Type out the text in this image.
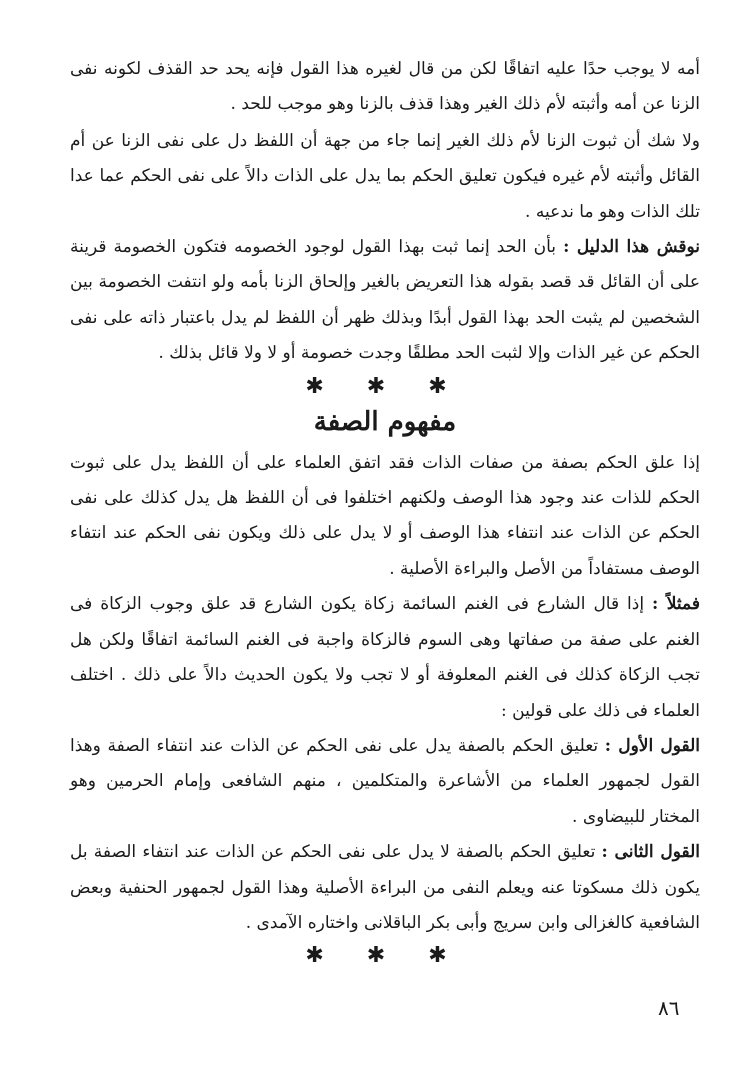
أمه لا يوجب حدًا عليه اتفاقًا لكن من قال لغيره هذا القول فإنه يحد حد القذف لكونه نفى الزنا عن أمه وأثبته لأم ذلك الغير وهذا قذف بالزنا وهو موجب للحد .

ولا شك أن ثبوت الزنا لأم ذلك الغير إنما جاء من جهة أن اللفظ دل على نفى الزنا عن أم القائل وأثبته لأم غيره فيكون تعليق الحكم بما يدل على الذات دالاً على نفى الحكم عما عدا تلك الذات وهو ما ندعيه .

نوقش هذا الدليل : بأن الحد إنما ثبت بهذا القول لوجود الخصومه فتكون الخصومة قرينة على أن القائل قد قصد بقوله هذا التعريض بالغير وإلحاق الزنا بأمه ولو انتفت الخصومة بين الشخصين لم يثبت الحد بهذا القول أبدًا وبذلك ظهر أن اللفظ لم يدل باعتبار ذاته على نفى الحكم عن غير الذات وإلا لثبت الحد مطلقًا وجدت خصومة أو لا ولا قائل بذلك .

✱ ✱ ✱
مفهوم الصفة

إذا علق الحكم بصفة من صفات الذات فقد اتفق العلماء على أن اللفظ يدل على ثبوت الحكم للذات عند وجود هذا الوصف ولكنهم اختلفوا فى أن اللفظ هل يدل كذلك على نفى الحكم عن الذات عند انتفاء هذا الوصف أو لا يدل على ذلك ويكون نفى الحكم عند انتفاء الوصف مستفاداً من الأصل والبراءة الأصلية .

فمثلاً : إذا قال الشارع فى الغنم السائمة زكاة يكون الشارع قد علق وجوب الزكاة فى الغنم على صفة من صفاتها وهى السوم فالزكاة واجبة فى الغنم السائمة اتفاقًا ولكن هل تجب الزكاة كذلك فى الغنم المعلوفة أو لا تجب ولا يكون الحديث دالاً على ذلك . اختلف العلماء فى ذلك على قولين :

القول الأول : تعليق الحكم بالصفة يدل على نفى الحكم عن الذات عند انتفاء الصفة وهذا القول لجمهور العلماء من الأشاعرة والمتكلمين ، منهم الشافعى وإمام الحرمين وهو المختار للبيضاوى .

القول الثانى : تعليق الحكم بالصفة لا يدل على نفى الحكم عن الذات عند انتفاء الصفة بل يكون ذلك مسكوتا عنه ويعلم النفى من البراءة الأصلية وهذا القول لجمهور الحنفية وبعض الشافعية كالغزالى وابن سريج وأبى بكر الباقلانى واختاره الآمدى .

✱ ✱ ✱
٨٦
